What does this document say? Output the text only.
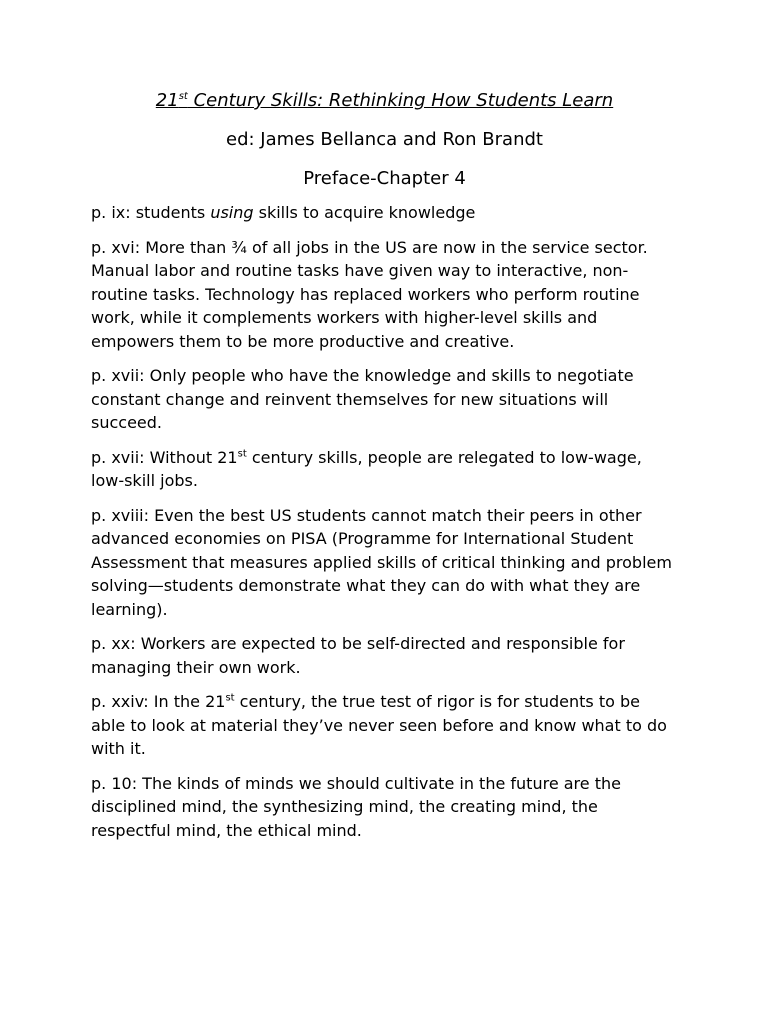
21st Century Skills: Rethinking How Students Learn
ed: James Bellanca and Ron Brandt
Preface-Chapter 4

p. ix: students using skills to acquire knowledge

p. xvi: More than ¾ of all jobs in the US are now in the service sector. Manual labor and routine tasks have given way to interactive, non-routine tasks. Technology has replaced workers who perform routine work, while it complements workers with higher-level skills and empowers them to be more productive and creative.

p. xvii: Only people who have the knowledge and skills to negotiate constant change and reinvent themselves for new situations will succeed.

p. xvii: Without 21st century skills, people are relegated to low-wage, low-skill jobs.

p. xviii: Even the best US students cannot match their peers in other advanced economies on PISA (Programme for International Student Assessment that measures applied skills of critical thinking and problem solving—students demonstrate what they can do with what they are learning).

p. xx: Workers are expected to be self-directed and responsible for managing their own work.

p. xxiv: In the 21st century, the true test of rigor is for students to be able to look at material they’ve never seen before and know what to do with it.

p. 10: The kinds of minds we should cultivate in the future are the disciplined mind, the synthesizing mind, the creating mind, the respectful mind, the ethical mind.
